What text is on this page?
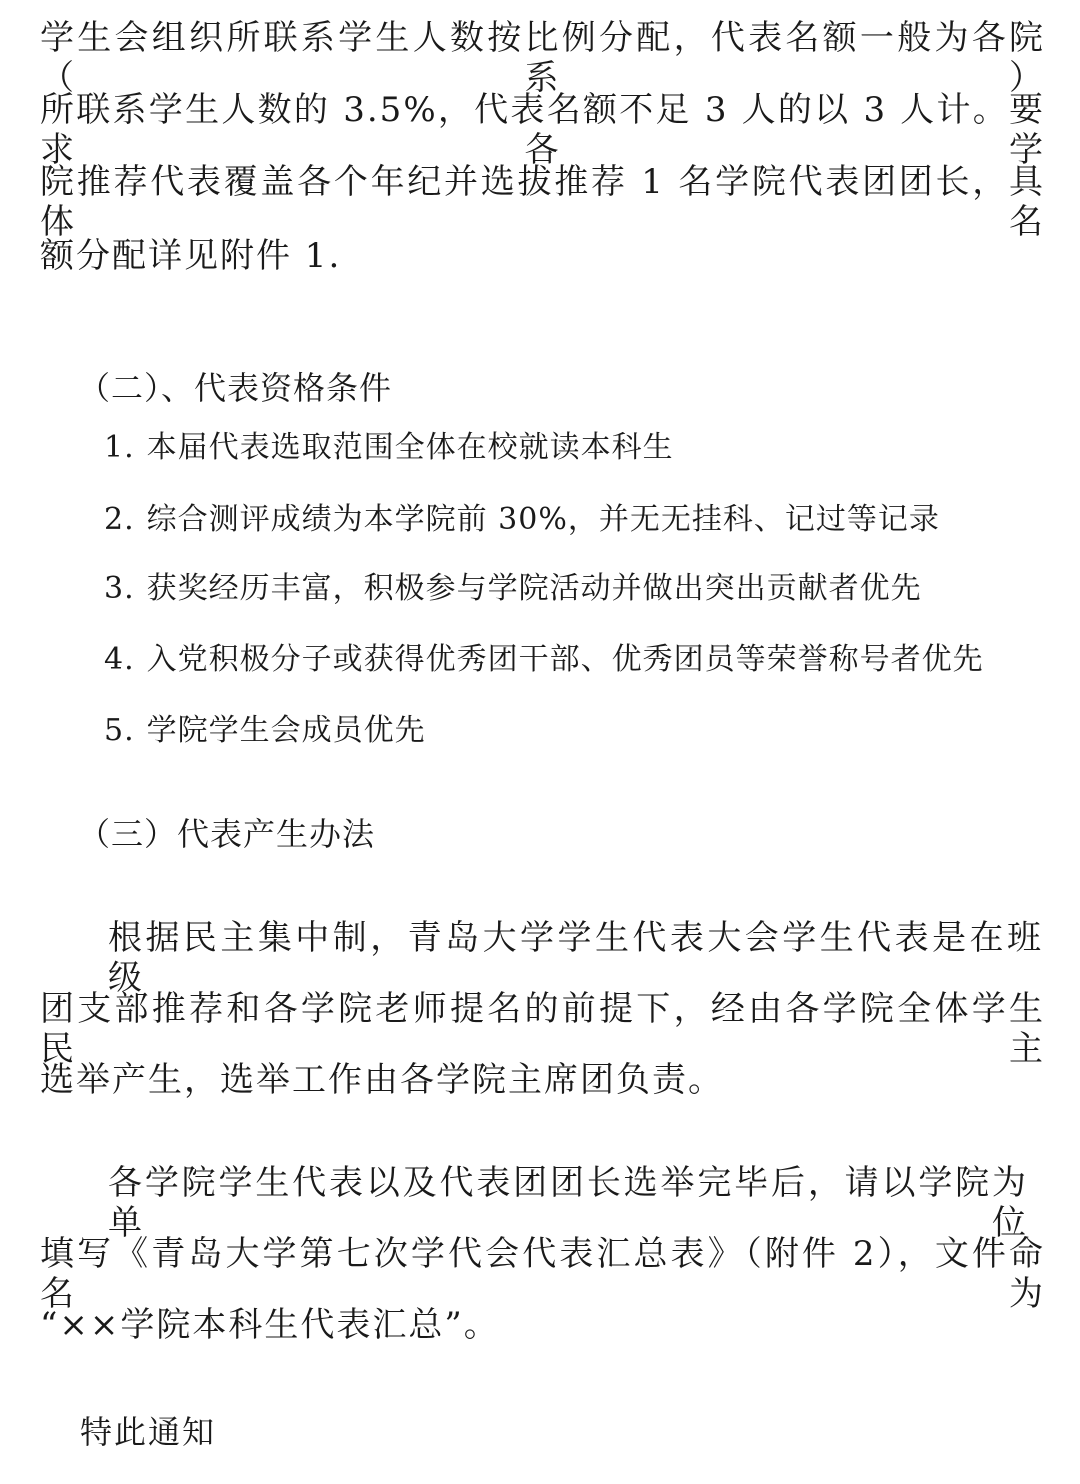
学生会组织所联系学生人数按比例分配，代表名额一般为各院（系）
所联系学生人数的 3.5%，代表名额不足 3 人的以 3 人计。要求各学
院推荐代表覆盖各个年纪并选拔推荐 1 名学院代表团团长，具体名
额分配详见附件 1.
（二）、代表资格条件
1. 本届代表选取范围全体在校就读本科生
2. 综合测评成绩为本学院前 30%，并无无挂科、记过等记录
3. 获奖经历丰富，积极参与学院活动并做出突出贡献者优先
4. 入党积极分子或获得优秀团干部、优秀团员等荣誉称号者优先
5. 学院学生会成员优先
（三）代表产生办法
根据民主集中制，青岛大学学生代表大会学生代表是在班级
团支部推荐和各学院老师提名的前提下，经由各学院全体学生民主
选举产生，选举工作由各学院主席团负责。
各学院学生代表以及代表团团长选举完毕后，请以学院为单位
填写《青岛大学第七次学代会代表汇总表》（附件 2），文件命名为
“××学院本科生代表汇总”。
特此通知
